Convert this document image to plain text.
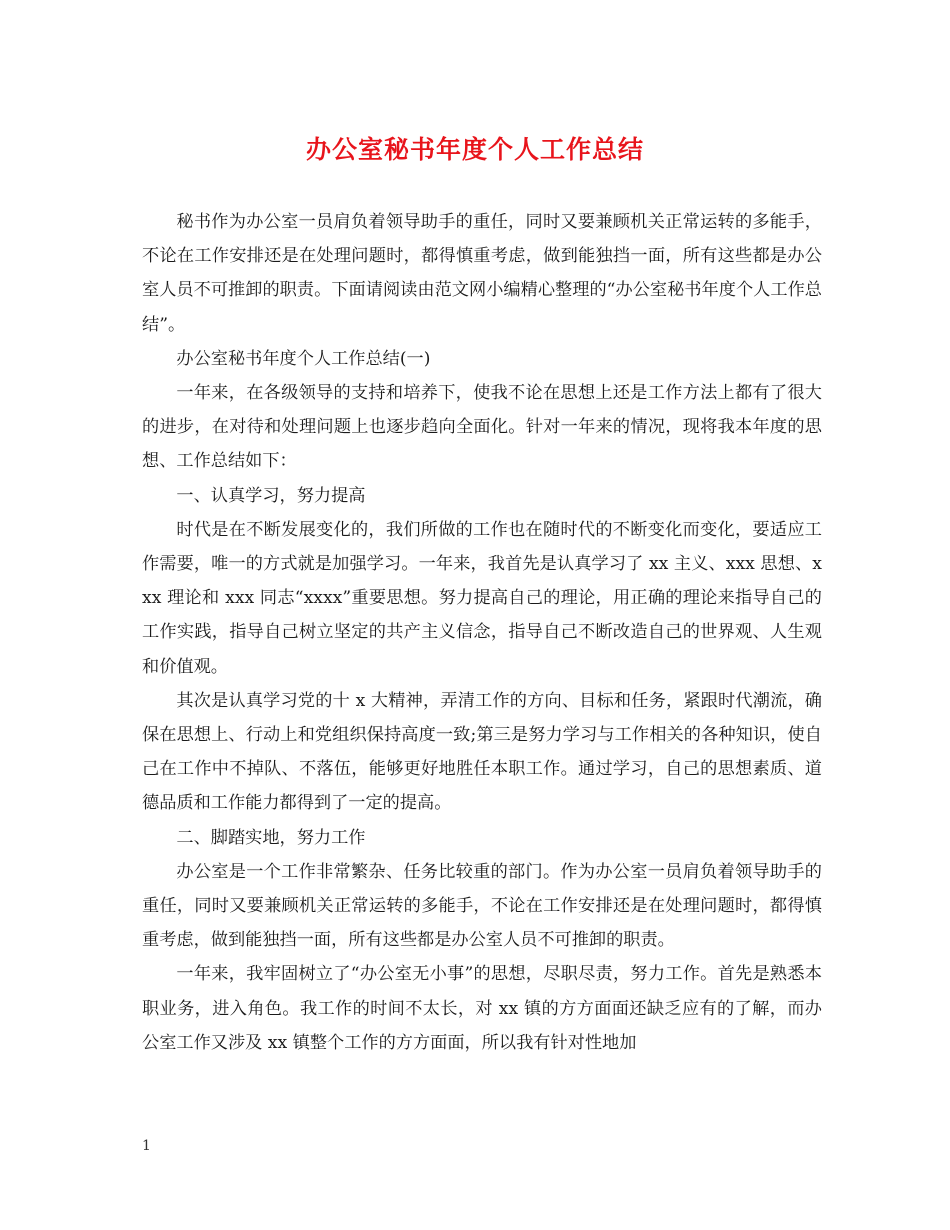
办公室秘书年度个人工作总结

秘书作为办公室一员肩负着领导助手的重任，同时又要兼顾机关正常运转的多能手，不论在工作安排还是在处理问题时，都得慎重考虑，做到能独挡一面，所有这些都是办公室人员不可推卸的职责。下面请阅读由范文网小编精心整理的“办公室秘书年度个人工作总结”。

办公室秘书年度个人工作总结(一)

一年来，在各级领导的支持和培养下，使我不论在思想上还是工作方法上都有了很大的进步，在对待和处理问题上也逐步趋向全面化。针对一年来的情况，现将我本年度的思想、工作总结如下：

一、认真学习，努力提高

时代是在不断发展变化的，我们所做的工作也在随时代的不断变化而变化，要适应工作需要，唯一的方式就是加强学习。一年来，我首先是认真学习了 xx 主义、xxx 思想、xxx 理论和 xxx 同志“xxxx”重要思想。努力提高自己的理论，用正确的理论来指导自己的工作实践，指导自己树立坚定的共产主义信念，指导自己不断改造自己的世界观、人生观和价值观。

其次是认真学习党的十 x 大精神，弄清工作的方向、目标和任务，紧跟时代潮流，确保在思想上、行动上和党组织保持高度一致;第三是努力学习与工作相关的各种知识，使自己在工作中不掉队、不落伍，能够更好地胜任本职工作。通过学习，自己的思想素质、道德品质和工作能力都得到了一定的提高。

二、脚踏实地，努力工作

办公室是一个工作非常繁杂、任务比较重的部门。作为办公室一员肩负着领导助手的重任，同时又要兼顾机关正常运转的多能手，不论在工作安排还是在处理问题时，都得慎重考虑，做到能独挡一面，所有这些都是办公室人员不可推卸的职责。

一年来，我牢固树立了“办公室无小事”的思想，尽职尽责，努力工作。首先是熟悉本职业务，进入角色。我工作的时间不太长，对 xx 镇的方方面面还缺乏应有的了解，而办公室工作又涉及 xx 镇整个工作的方方面面，所以我有针对性地加

1
